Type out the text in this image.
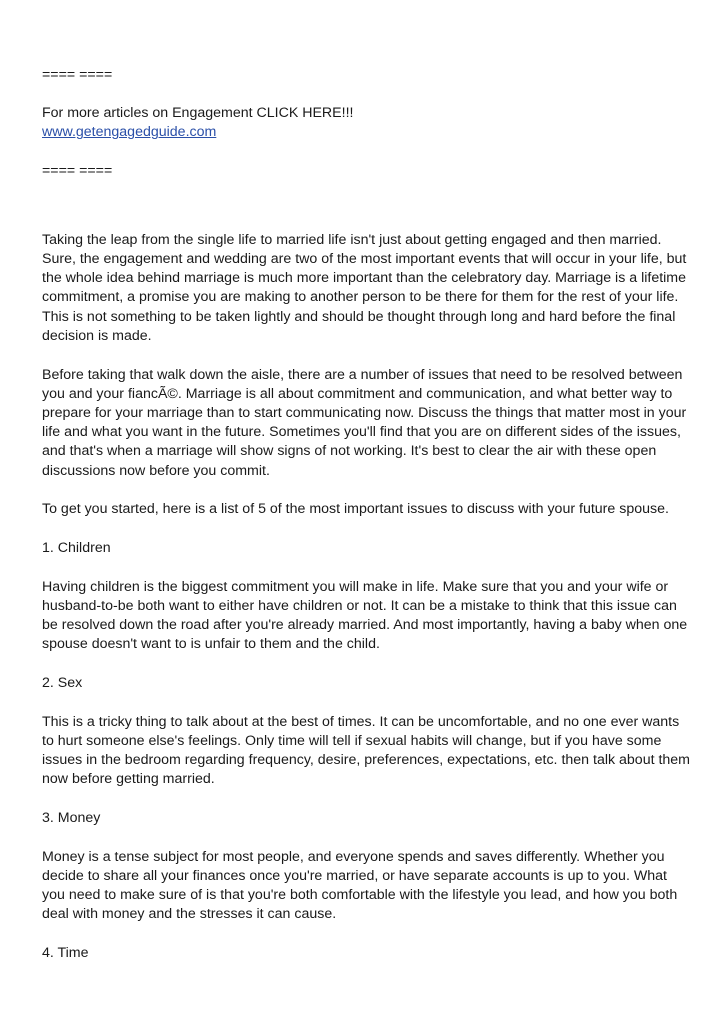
==== ====

For more articles on Engagement CLICK HERE!!!
www.getengagedguide.com

==== ====

Taking the leap from the single life to married life isn't just about getting engaged and then married. Sure, the engagement and wedding are two of the most important events that will occur in your life, but the whole idea behind marriage is much more important than the celebratory day. Marriage is a lifetime commitment, a promise you are making to another person to be there for them for the rest of your life. This is not something to be taken lightly and should be thought through long and hard before the final decision is made.

Before taking that walk down the aisle, there are a number of issues that need to be resolved between you and your fiancÃ©. Marriage is all about commitment and communication, and what better way to prepare for your marriage than to start communicating now. Discuss the things that matter most in your life and what you want in the future. Sometimes you'll find that you are on different sides of the issues, and that's when a marriage will show signs of not working. It's best to clear the air with these open discussions now before you commit.

To get you started, here is a list of 5 of the most important issues to discuss with your future spouse.

1. Children

Having children is the biggest commitment you will make in life. Make sure that you and your wife or husband-to-be both want to either have children or not. It can be a mistake to think that this issue can be resolved down the road after you're already married. And most importantly, having a baby when one spouse doesn't want to is unfair to them and the child.

2. Sex

This is a tricky thing to talk about at the best of times. It can be uncomfortable, and no one ever wants to hurt someone else's feelings. Only time will tell if sexual habits will change, but if you have some issues in the bedroom regarding frequency, desire, preferences, expectations, etc. then talk about them now before getting married.

3. Money

Money is a tense subject for most people, and everyone spends and saves differently. Whether you decide to share all your finances once you're married, or have separate accounts is up to you. What you need to make sure of is that you're both comfortable with the lifestyle you lead, and how you both deal with money and the stresses it can cause.

4. Time
